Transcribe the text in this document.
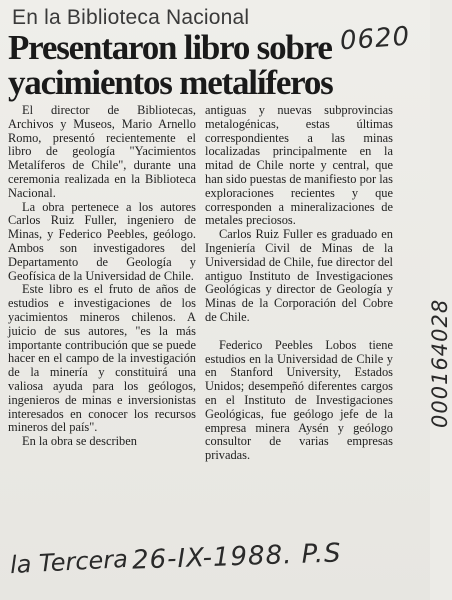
En la Biblioteca Nacional
Presentaron libro sobre yacimientos metalíferos
0620
000164028

El director de Bibliotecas, Archivos y Museos, Mario Arnello Romo, presentó recientemente el libro de geología "Yacimientos Metalíferos de Chile", durante una ceremonia realizada en la Biblioteca Nacional.

La obra pertenece a los autores Carlos Ruiz Fuller, ingeniero de Minas, y Federico Peebles, geólogo. Ambos son investigadores del Departamento de Geología y Geofísica de la Universidad de Chile.

Este libro es el fruto de años de estudios e investigaciones de los yacimientos mineros chilenos. A juicio de sus autores, "es la más importante contribución que se puede hacer en el campo de la investigación de la minería y constituirá una valiosa ayuda para los geólogos, ingenieros de minas e inversionistas interesados en conocer los recursos mineros del país".

En la obra se describen

antiguas y nuevas subprovincias metalogénicas, estas últimas correspondientes a las minas localizadas principalmente en la mitad de Chile norte y central, que han sido puestas de manifiesto por las exploraciones recientes y que corresponden a mineralizaciones de metales preciosos.

Carlos Ruiz Fuller es graduado en Ingeniería Civil de Minas de la Universidad de Chile, fue director del antiguo Instituto de Investigaciones Geológicas y director de Geología y Minas de la Corporación del Cobre de Chile.

Federico Peebles Lobos tiene estudios en la Universidad de Chile y en Stanford University, Estados Unidos; desempeñó diferentes cargos en el Instituto de Investigaciones Geológicas, fue geólogo jefe de la empresa minera Aysén y geólogo consultor de varias empresas privadas.

la Tercera 26-IX-1988. P.S
